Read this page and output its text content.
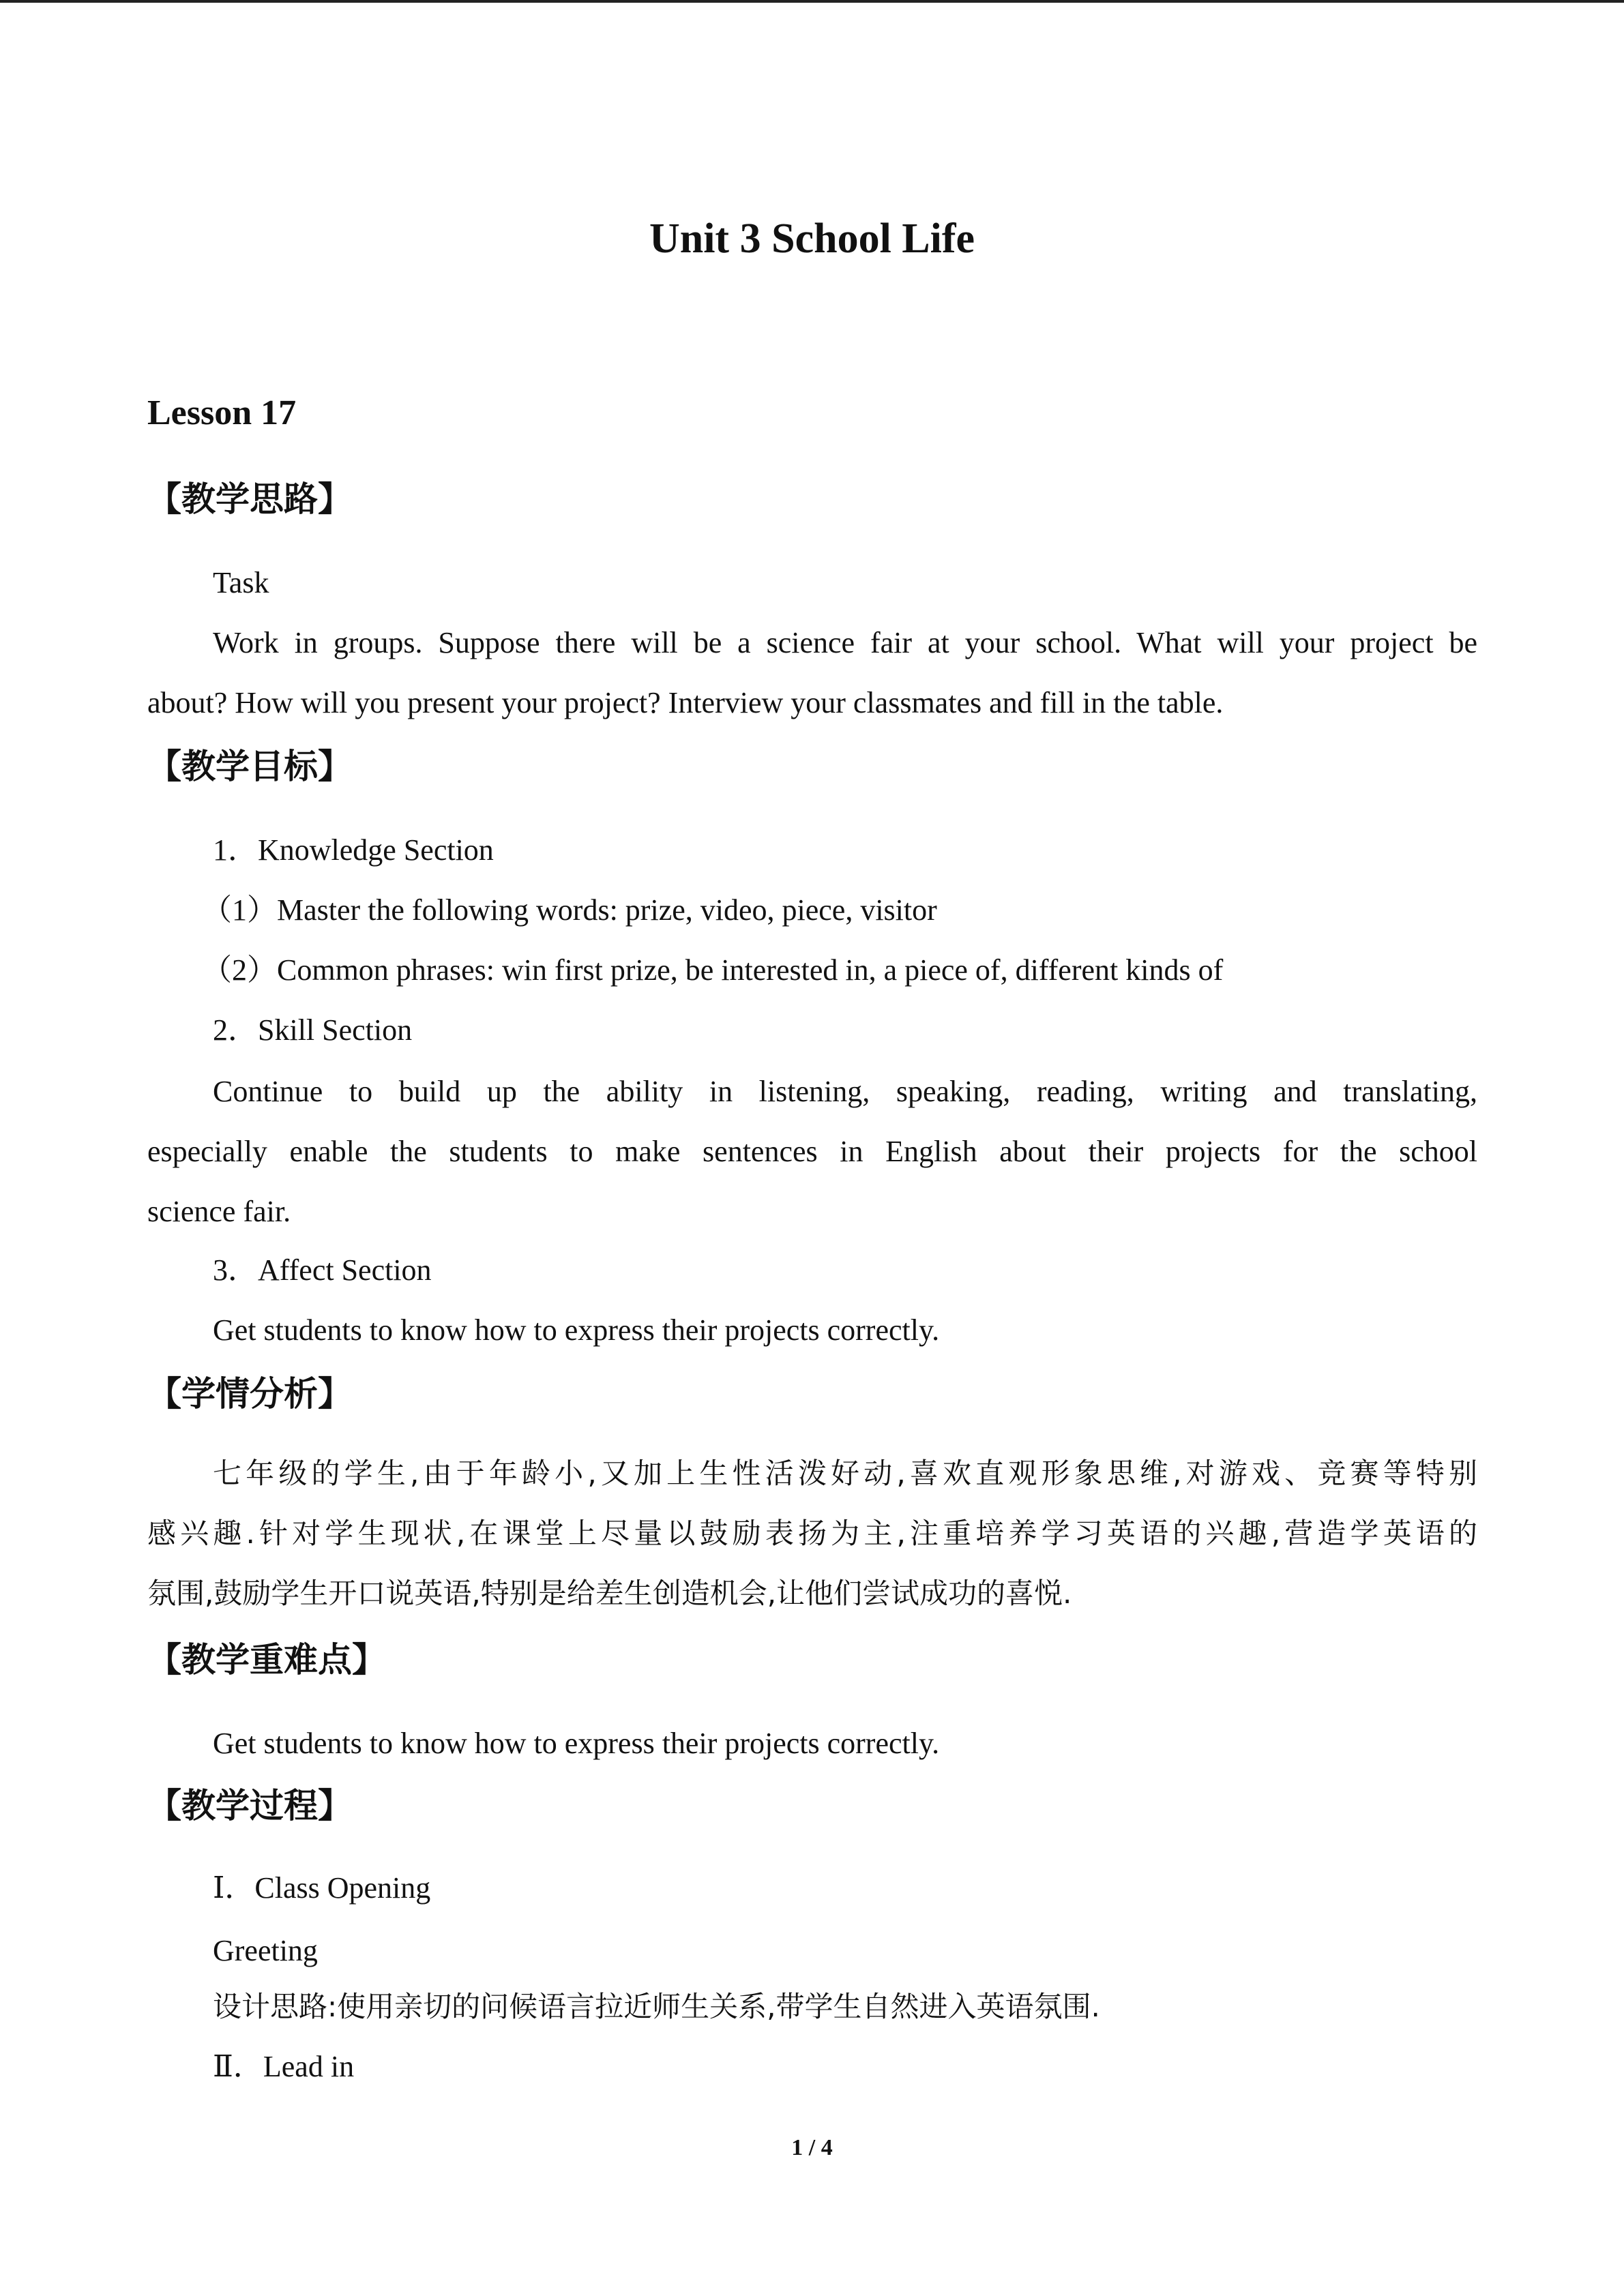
Unit 3 School Life
Lesson 17
【教学思路】
Task
Work in groups. Suppose there will be a science fair at your school. What will your project be
about? How will you present your project? Interview your classmates and fill in the table.
【教学目标】
1．Knowledge Section
（1）Master the following words: prize, video, piece, visitor
（2）Common phrases: win first prize, be interested in, a piece of, different kinds of
2．Skill Section
Continue to build up the ability in listening, speaking, reading, writing and translating,
especially enable the students to make sentences in English about their projects for the school
science fair.
3．Affect Section
Get students to know how to express their projects correctly.
【学情分析】
七年级的学生,由于年龄小,又加上生性活泼好动,喜欢直观形象思维,对游戏、竞赛等特别
感兴趣.针对学生现状,在课堂上尽量以鼓励表扬为主,注重培养学习英语的兴趣,营造学英语的
氛围,鼓励学生开口说英语,特别是给差生创造机会,让他们尝试成功的喜悦.
【教学重难点】
Get students to know how to express their projects correctly.
【教学过程】
Ⅰ．Class Opening
Greeting
设计思路:使用亲切的问候语言拉近师生关系,带学生自然进入英语氛围.
Ⅱ．Lead in
1 / 4
